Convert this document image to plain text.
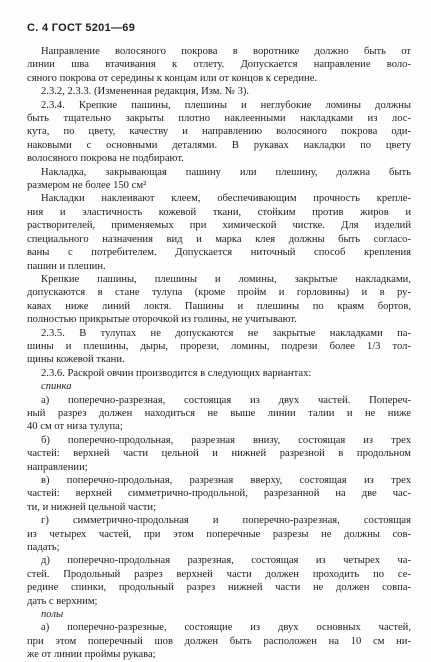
С. 4 ГОСТ 5201—69
Направление волосяного покрова в воротнике должно быть от
линии шва втачивания к отлету. Допускается направление воло-
сяного покрова от середины к концам или от концов к середине.
2.3.2, 2.3.3. (Измененная редакция, Изм. № 3).
2.3.4. Крепкие пашины, плешины и неглубокие ломины должны
быть тщательно закрыты плотно наклеенными накладками из лос-
кута, по цвету, качеству и направлению волосяного покрова оди-
наковыми с основными деталями. В рукавах накладки по цвету
волосяного покрова не подбирают.
Накладка, закрывающая пашину или плешину, должна быть
размером не более 150 см²
Накладки наклеивают клеем, обеспечивающим прочность крепле-
ния и эластичность кожевой ткани, стойким против жиров и
растворителей, применяемых при химической чистке. Для изделий
специального назначения вид и марка клея должны быть согласо-
ваны с потребителем. Допускается ниточный способ крепления
пашин и плешин.
Крепкие пашины, плешины и ломины, закрытые накладками,
допускаются в стане тулупа (кроме пройм и горловины) и в ру-
кавах ниже линий локтя. Пашины и плешины по краям бортов,
полностью прикрытые оторочкой из голины, не учитывают.
2.3.5. В тулупах не допускаются не закрытые накладками па-
шины и плешины, дыры, прорези, ломины, подрези более 1/3 тол-
щины кожевой ткани.
2.3.6. Раскрой овчин производится в следующих вариантах:
спинка
а) поперечно-разрезная, состоящая из двух частей. Попереч-
ный разрез должен находиться не выше линии талии и не ниже
40 см от низа тулупа;
б) поперечно-продольная, разрезная внизу, состоящая из трех
частей: верхней части цельной и нижней разрезной в продольном
направлении;
в) поперечно-продольная, разрезная вверху, состоящая из трех
частей: верхней симметрично-продольной, разрезанной на две час-
ти, и нижней цельной части;
г) симметрично-продольная и поперечно-разрезная, состоящая
из четырех частей, при этом поперечные разрезы не должны сов-
падать;
д) поперечно-продольная разрезная, состоящая из четырех ча-
стей. Продольный разрез верхней части должен проходить по се-
редине спинки, продольный разрез нижней части не должен совпа-
дать с верхним;
полы
а) поперечно-разрезные, состоящие из двух основных частей,
при этом поперечный шов должен быть расположен на 10 см ни-
же от линии проймы рукава;
